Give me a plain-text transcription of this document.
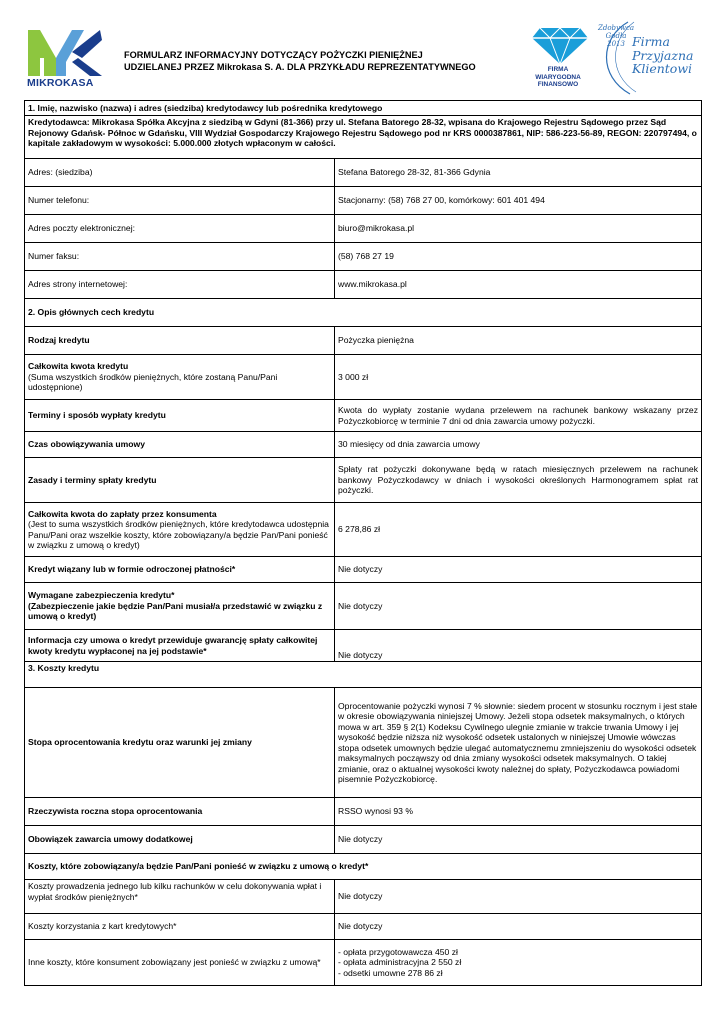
MIKROKASA
FORMULARZ INFORMACYJNY DOTYCZĄCY POŻYCZKI PIENIĘŻNEJ
UDZIELANEJ PRZEZ Mikrokasa S. A. DLA PRZYKŁADU REPREZENTATYWNEGO	FIRMA
WIARYGODNA
FINANSOWO
Zdobywca
Godła
2013 Firma
Przyjazna
Klientowi
1. Imię, nazwisko (nazwa) i adres (siedziba) kredytodawcy lub pośrednika kredytowego	
Kredytodawca: Mikrokasa Spółka Akcyjna z siedzibą w Gdyni (81-366) przy ul. Stefana Batorego 28-32, wpisana do Krajowego Rejestru Sądowego przez Sąd Rejonowy Gdańsk- Północ w Gdańsku, VIII Wydział Gospodarczy Krajowego Rejestru Sądowego pod nr KRS 0000387861, NIP: 586-223-56-89, REGON: 220797494, o kapitale zakładowym w wysokości: 5.000.000 złotych wpłaconym w całości.	
Adres: (siedziba)	Stefana Batorego 28-32, 81-366 Gdynia
Numer telefonu:	Stacjonarny: (58) 768 27 00, komórkowy: 601 401 494
Adres poczty elektronicznej:	biuro@mikrokasa.pl
Numer faksu:	(58) 768 27 19
Adres strony internetowej:	www.mikrokasa.pl
2. Opis głównych cech kredytu	
Rodzaj kredytu	Pożyczka pieniężna

Całkowita kwota kredytu
(Suma wszystkich środków pieniężnych, które zostaną Panu/Pani udostępnione)	3 000 zł
Terminy i sposób wypłaty kredytu	Kwota do wypłaty zostanie wydana przelewem na rachunek bankowy wskazany przez Pożyczkobiorcę w terminie 7 dni od dnia zawarcia umowy pożyczki.
Czas obowiązywania umowy	30 miesięcy od dnia zawarcia umowy
Zasady i terminy spłaty kredytu	Spłaty rat pożyczki dokonywane będą w ratach miesięcznych przelewem na rachunek bankowy Pożyczkodawcy w dniach i wysokości określonych Harmonogramem spłat rat pożyczki.

Całkowita kwota do zapłaty przez konsumenta
(Jest to suma wszystkich środków pieniężnych, które kredytodawca udostępnia Panu/Pani oraz wszelkie koszty, które zobowiązany/a będzie Pan/Pani ponieść w związku z umową o kredyt)	6 278,86 zł
Kredyt wiązany lub w formie odroczonej płatności*	Nie dotyczy

Wymagane zabezpieczenia kredytu*
(Zabezpieczenie jakie będzie Pan/Pani musiał/a przedstawić w związku z umową o kredyt)	Nie dotyczy
Informacja czy umowa o kredyt przewiduje gwarancję spłaty całkowitej kwoty kredytu wypłaconej na jej podstawie*	Nie dotyczy
3. Koszty kredytu	
Stopa oprocentowania kredytu oraz warunki jej zmiany	Oprocentowanie pożyczki wynosi 7 % słownie: siedem procent w stosunku rocznym i jest stałe w okresie obowiązywania niniejszej Umowy. Jeżeli stopa odsetek maksymalnych, o których mowa w art. 359 § 2(1) Kodeksu Cywilnego ulegnie zmianie w trakcie trwania Umowy i jej wysokość będzie niższa niż wysokość odsetek ustalonych w niniejszej Umowie wówczas stopa odsetek umownych będzie ulegać automatycznemu zmniejszeniu do wysokości odsetek maksymalnych począwszy od dnia zmiany wysokości odsetek maksymalnych. O takiej zmianie, oraz o aktualnej wysokości kwoty należnej do spłaty, Pożyczkodawca powiadomi pisemnie Pożyczkobiorcę.
Rzeczywista roczna stopa oprocentowania	RSSO wynosi 93 %
Obowiązek zawarcia umowy dodatkowej	Nie dotyczy
Koszty, które zobowiązany/a będzie Pan/Pani ponieść w związku z umową o kredyt*	
Koszty prowadzenia jednego lub kilku rachunków w celu dokonywania wpłat i wypłat środków pieniężnych*	Nie dotyczy
Koszty korzystania z kart kredytowych*	Nie dotyczy
Inne koszty, które konsument zobowiązany jest ponieść w związku z umową*	- opłata przygotowawcza 450 zł
- opłata administracyjna 2 550 zł
- odsetki umowne 278 86 zł
